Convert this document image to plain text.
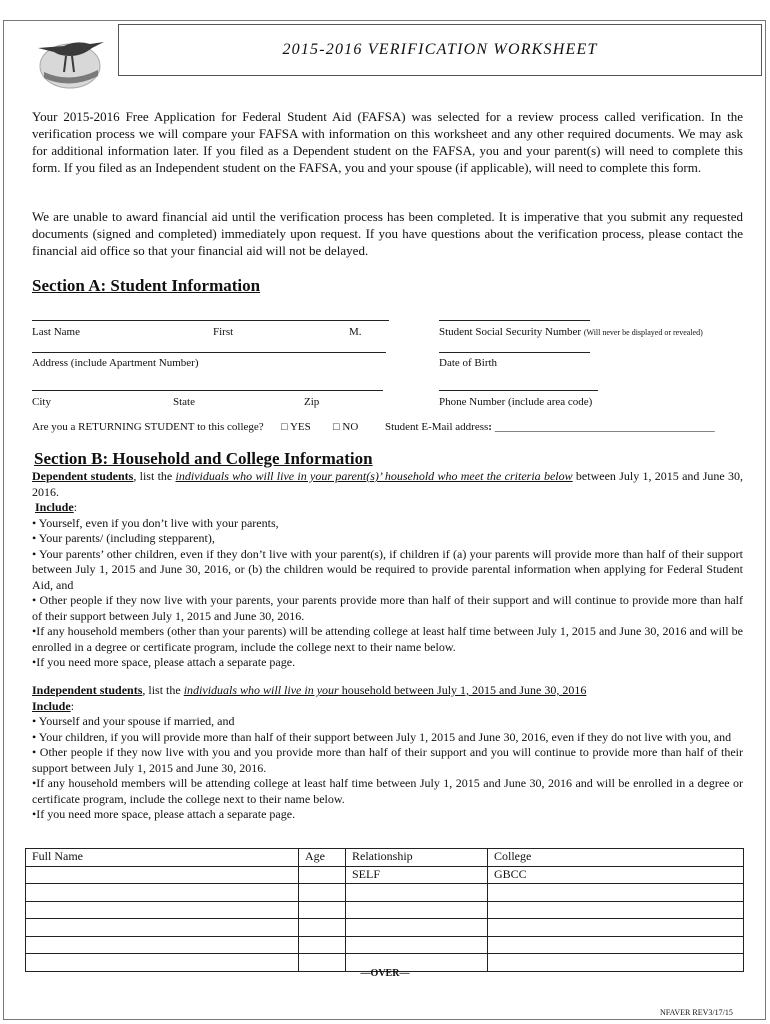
2015-2016 VERIFICATION WORKSHEET

Your 2015-2016 Free Application for Federal Student Aid (FAFSA) was selected for a review process called verification. In the verification process we will compare your FAFSA with information on this worksheet and any other required documents. We may ask for additional information later. If you filed as a Dependent student on the FAFSA, you and your parent(s) will need to complete this form. If you filed as an Independent student on the FAFSA, you and your spouse (if applicable), will need to complete this form.

We are unable to award financial aid until the verification process has been completed. It is imperative that you submit any requested documents (signed and completed) immediately upon request. If you have questions about the verification process, please contact the financial aid office so that your financial aid will not be delayed.

Section A: Student Information
Last Name	First	M.	Student Social Security Number (Will never be displayed or revealed)
Address (include Apartment Number)	Date of Birth
City	State	Zip	Phone Number (include area code)
Are you a RETURNING STUDENT to this college? □ YES □ NO Student E-Mail address: ________________________________________
Section B: Household and College Information

Dependent students, list the individuals who will live in your parent(s)’ household who meet the criteria below between July 1, 2015 and June 30, 2016.

Include:

• Yourself, even if you don’t live with your parents,

• Your parents/ (including stepparent),

• Your parents’ other children, even if they don’t live with your parent(s), if children if (a) your parents will provide more than half of their support between July 1, 2015 and June 30, 2016, or (b) the children would be required to provide parental information when applying for Federal Student Aid, and

• Other people if they now live with your parents, your parents provide more than half of their support and will continue to provide more than half of their support between July 1, 2015 and June 30, 2016.

•If any household members (other than your parents) will be attending college at least half time between July 1, 2015 and June 30, 2016 and will be enrolled in a degree or certificate program, include the college next to their name below.

•If you need more space, please attach a separate page.

Independent students, list the individuals who will live in your household between July 1, 2015 and June 30, 2016

Include:

• Yourself and your spouse if married, and

• Your children, if you will provide more than half of their support between July 1, 2015 and June 30, 2016, even if they do not live with you, and

• Other people if they now live with you and you provide more than half of their support and you will continue to provide more than half of their support between July 1, 2015 and June 30, 2016.

•If any household members will be attending college at least half time between July 1, 2015 and June 30, 2016 and will be enrolled in a degree or certificate program, include the college next to their name below.

•If you need more space, please attach a separate page.

Full Name	Age	Relationship	College
		SELF	GBCC

—OVER—
NFAVER REV3/17/15
